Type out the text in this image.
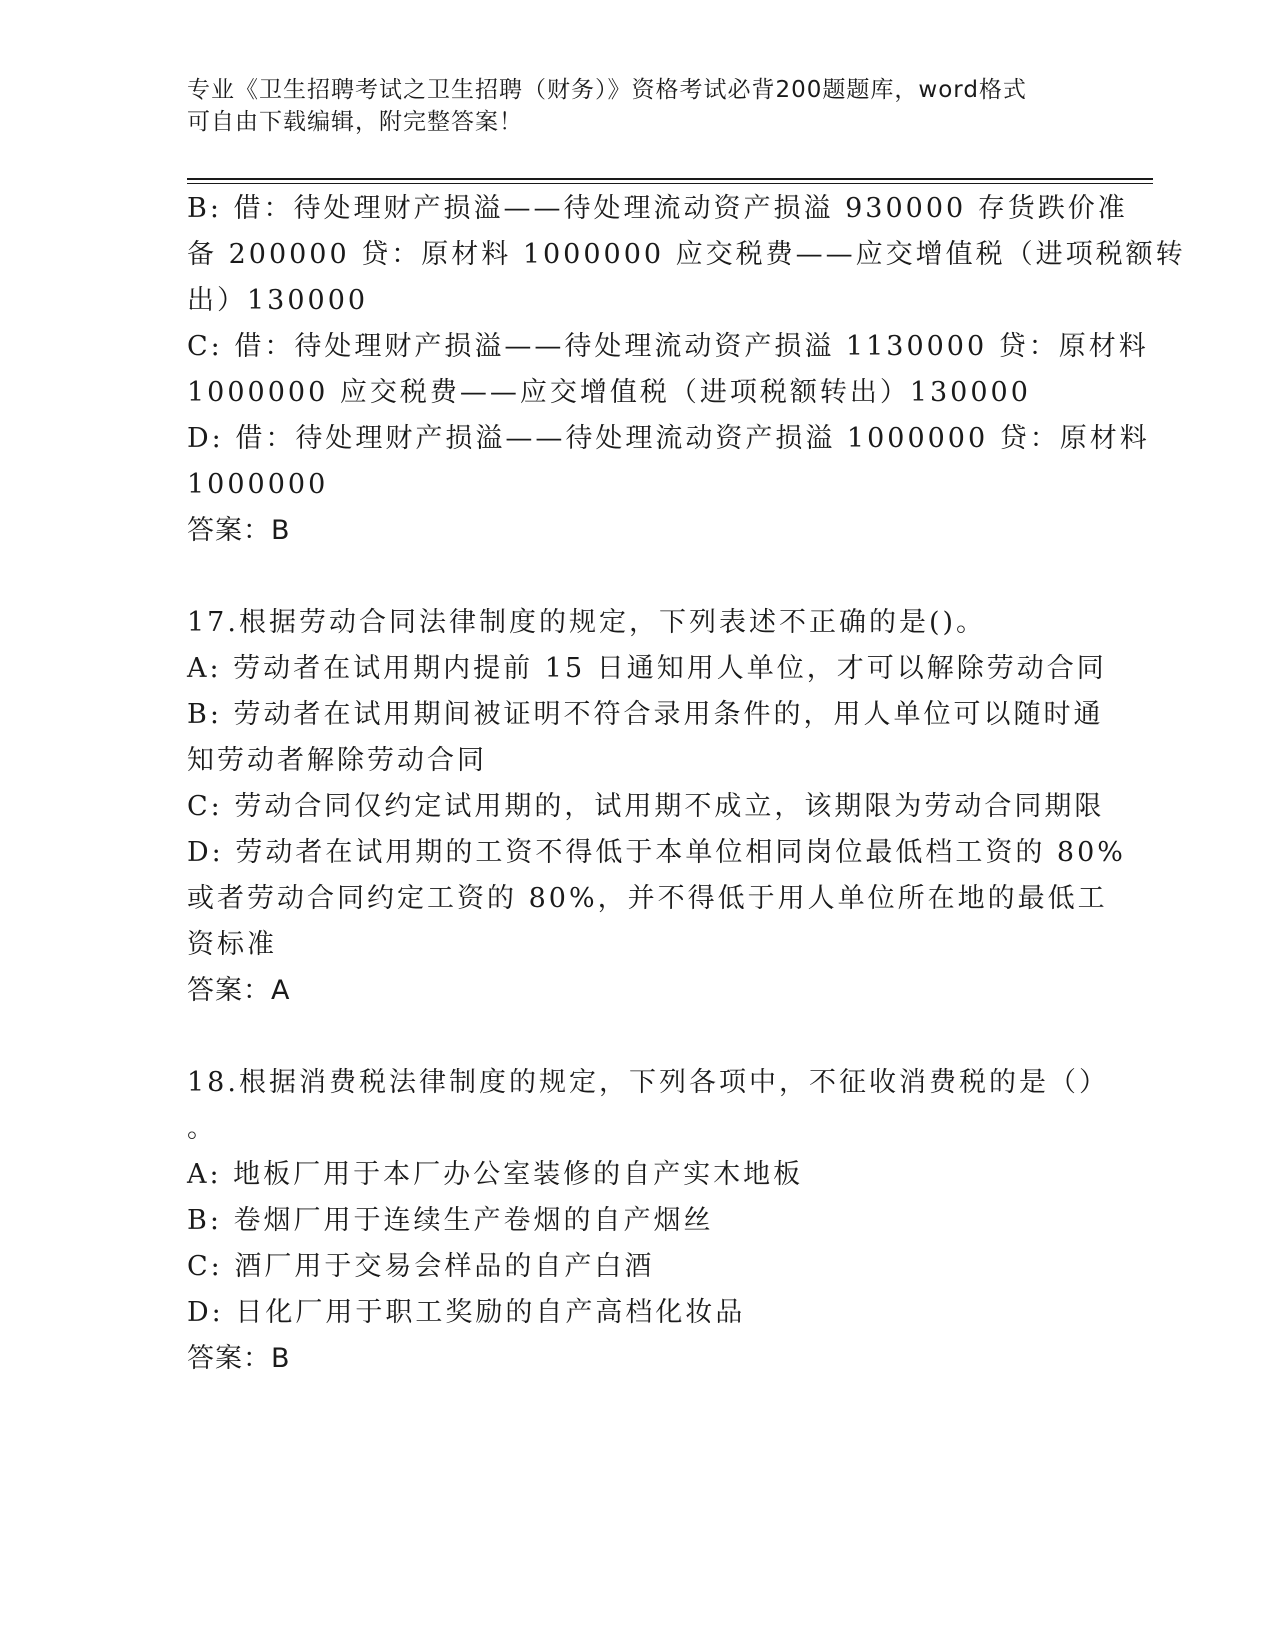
专业《卫生招聘考试之卫生招聘（财务）》资格考试必背200题题库，word格式
可自由下载编辑，附完整答案！
B: 借：待处理财产损溢——待处理流动资产损溢 930000 存货跌价准
备 200000 贷：原材料 1000000 应交税费——应交增值税（进项税额转
出）130000
C: 借：待处理财产损溢——待处理流动资产损溢 1130000 贷：原材料
1000000 应交税费——应交增值税（进项税额转出）130000
D: 借：待处理财产损溢——待处理流动资产损溢 1000000 贷：原材料
1000000
答案：B
17.根据劳动合同法律制度的规定，下列表述不正确的是()。
A: 劳动者在试用期内提前 15 日通知用人单位，才可以解除劳动合同
B: 劳动者在试用期间被证明不符合录用条件的，用人单位可以随时通
知劳动者解除劳动合同
C: 劳动合同仅约定试用期的，试用期不成立，该期限为劳动合同期限
D: 劳动者在试用期的工资不得低于本单位相同岗位最低档工资的 80%
或者劳动合同约定工资的 80%，并不得低于用人单位所在地的最低工
资标准
答案：A
18.根据消费税法律制度的规定，下列各项中，不征收消费税的是（）
。
A: 地板厂用于本厂办公室装修的自产实木地板
B: 卷烟厂用于连续生产卷烟的自产烟丝
C: 酒厂用于交易会样品的自产白酒
D: 日化厂用于职工奖励的自产高档化妆品
答案：B
